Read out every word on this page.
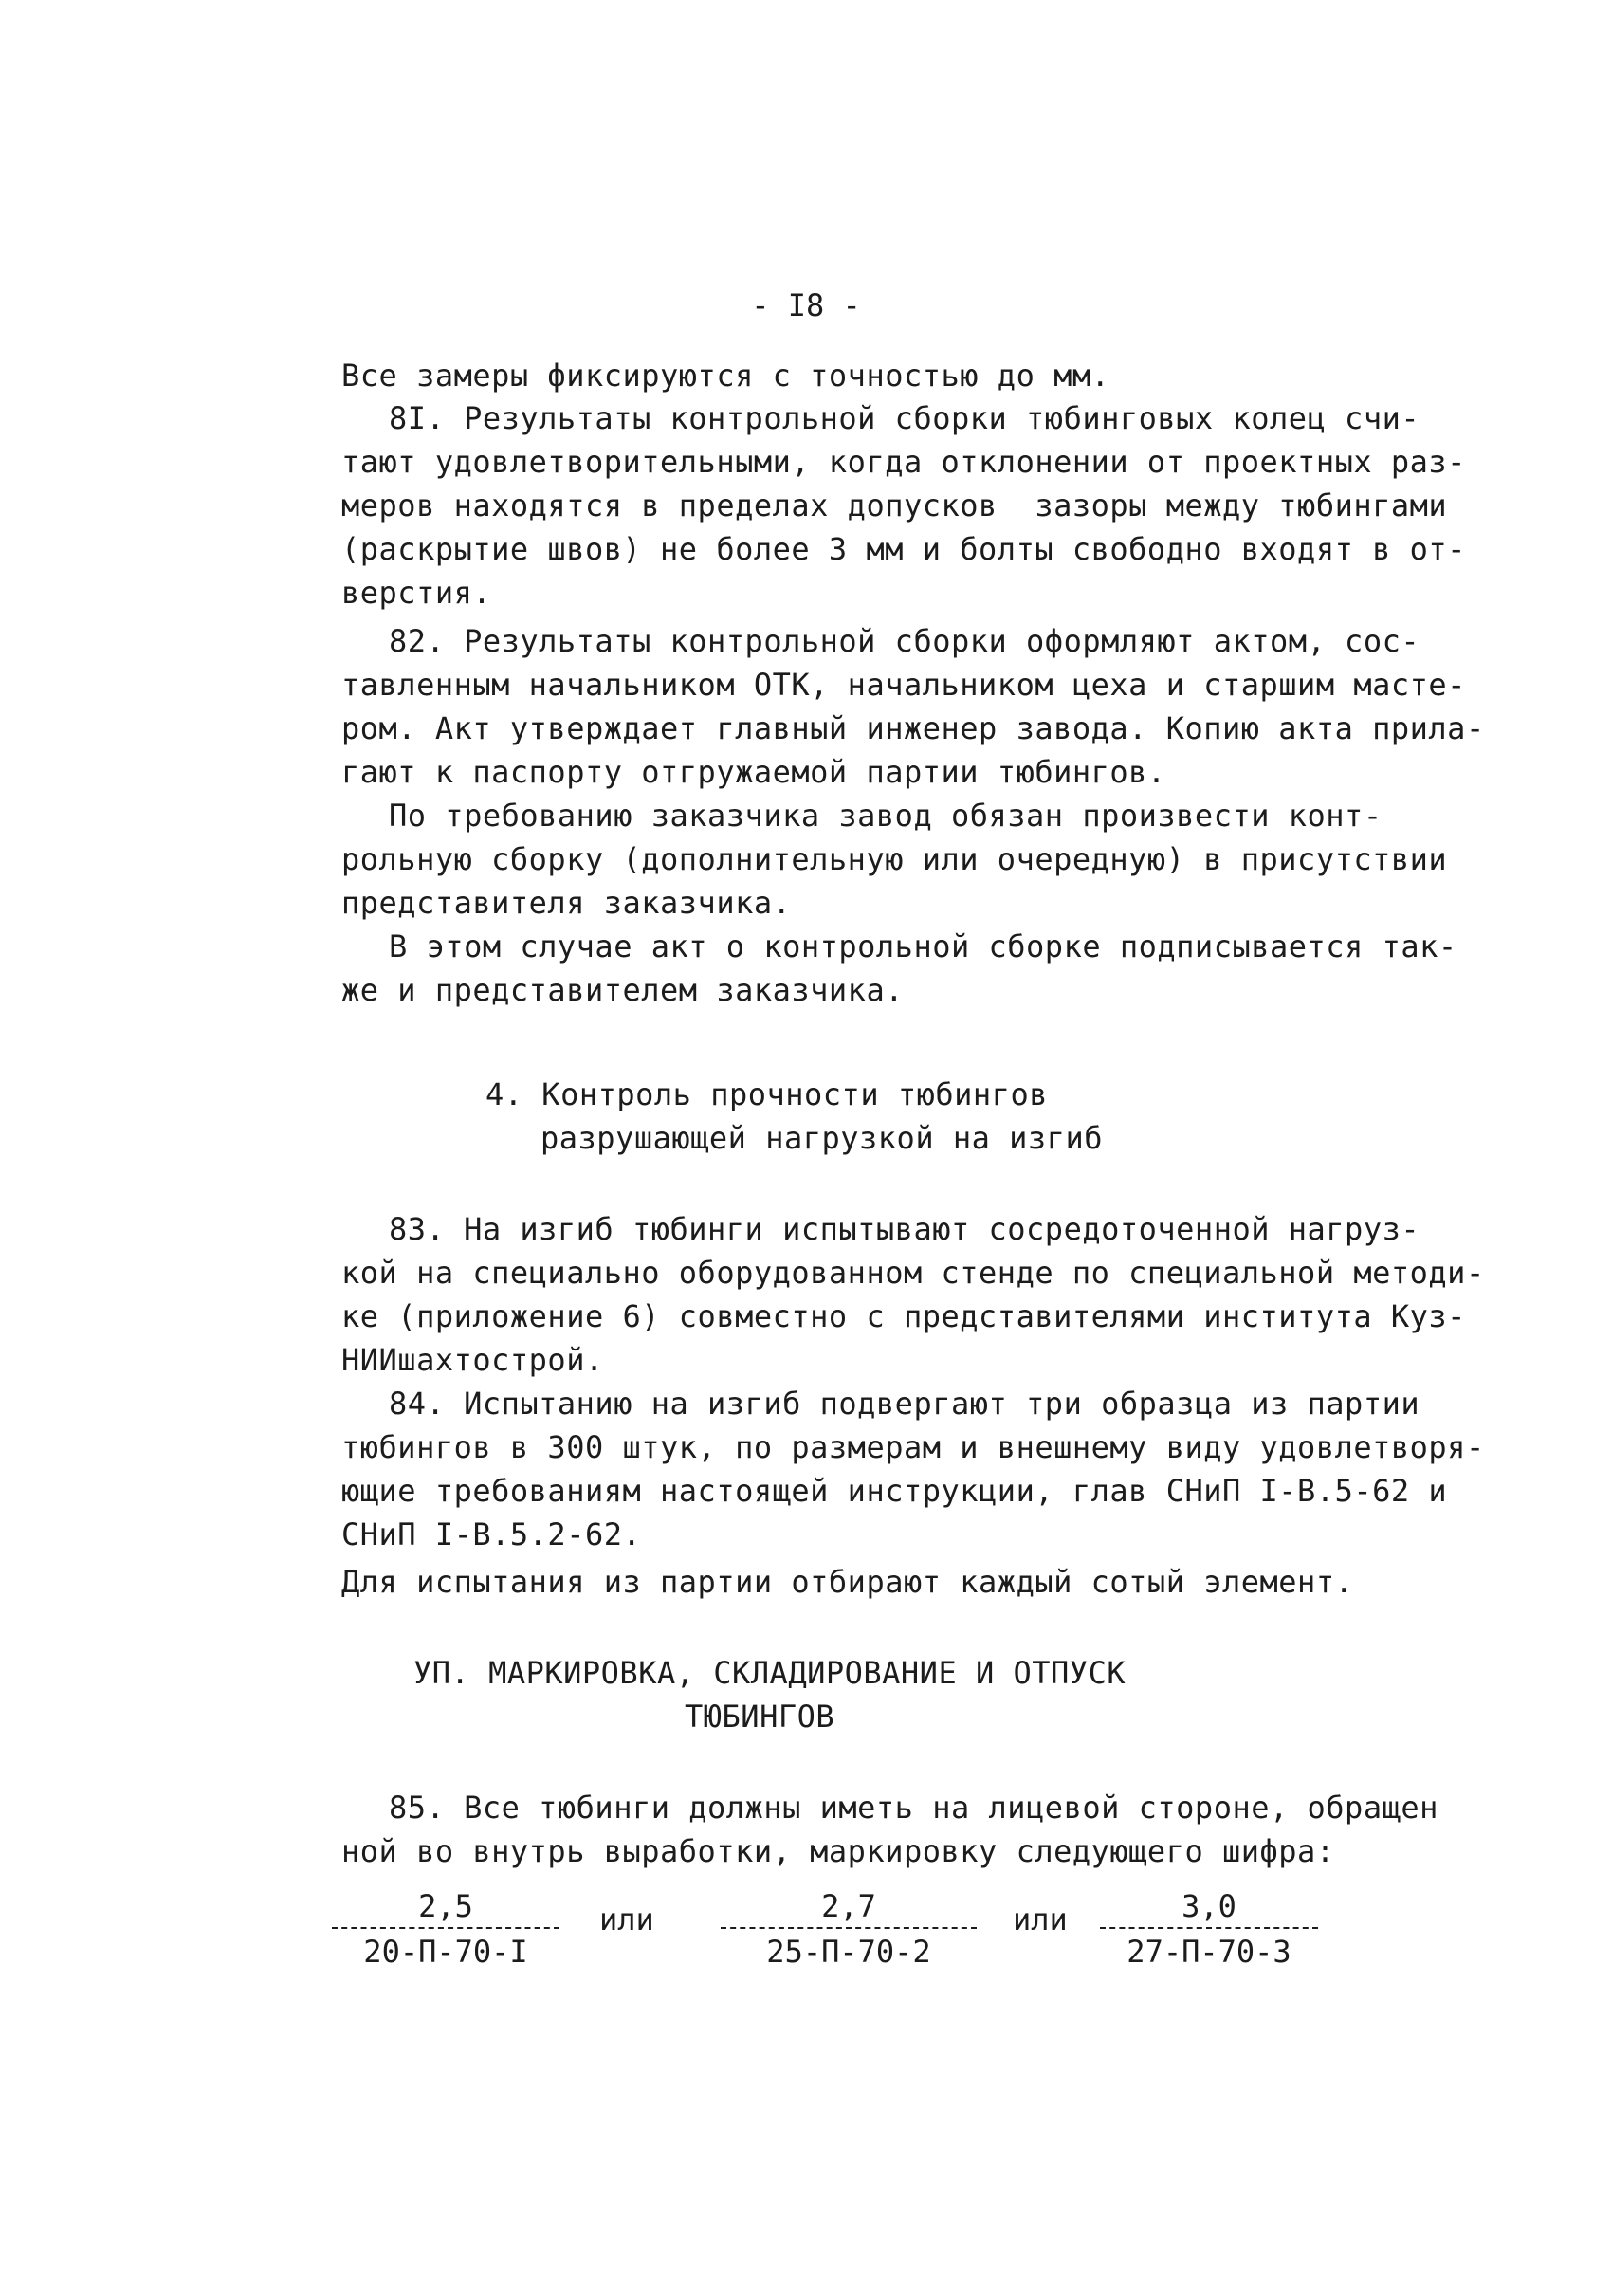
- I8 -
Все замеры фиксируются с точностью до мм.
8I. Результаты контрольной сборки тюбинговых колец счи-
тают удовлетворительными, когда отклонении от проектных раз-
меров находятся в пределах допусков  зазоры между тюбингами
(раскрытие швов) не более 3 мм и болты свободно входят в от-
верстия.
82. Результаты контрольной сборки оформляют актом, сос-
тавленным начальником ОТК, начальником цеха и старшим масте-
ром. Акт утверждает главный инженер завода. Копию акта прила-
гают к паспорту отгружаемой партии тюбингов.
По требованию заказчика завод обязан произвести конт-
рольную сборку (дополнительную или очередную) в присутствии
представителя заказчика.
В этом случае акт о контрольной сборке подписывается так-
же и представителем заказчика.
4. Контроль прочности тюбингов
разрушающей нагрузкой на изгиб
83. На изгиб тюбинги испытывают сосредоточенной нагруз-
кой на специально оборудованном стенде по специальной методи-
ке (приложение 6) совместно с представителями института Куз-
НИИшахтострой.
84. Испытанию на изгиб подвергают три образца из партии
тюбингов в 300 штук, по размерам и внешнему виду удовлетворя-
ющие требованиям настоящей инструкции, глав СНиП I-В.5-62 и
СНиП I-В.5.2-62.
Для испытания из партии отбирают каждый сотый элемент.
УП. МАРКИРОВКА, СКЛАДИРОВАНИЕ И ОТПУСК
ТЮБИНГОВ
85. Все тюбинги должны иметь на лицевой стороне, обращен
ной во внутрь выработки, маркировку следующего шифра:
2,5
20-П-70-I
или	2,7
25-П-70-2
или	3,0
27-П-70-3
